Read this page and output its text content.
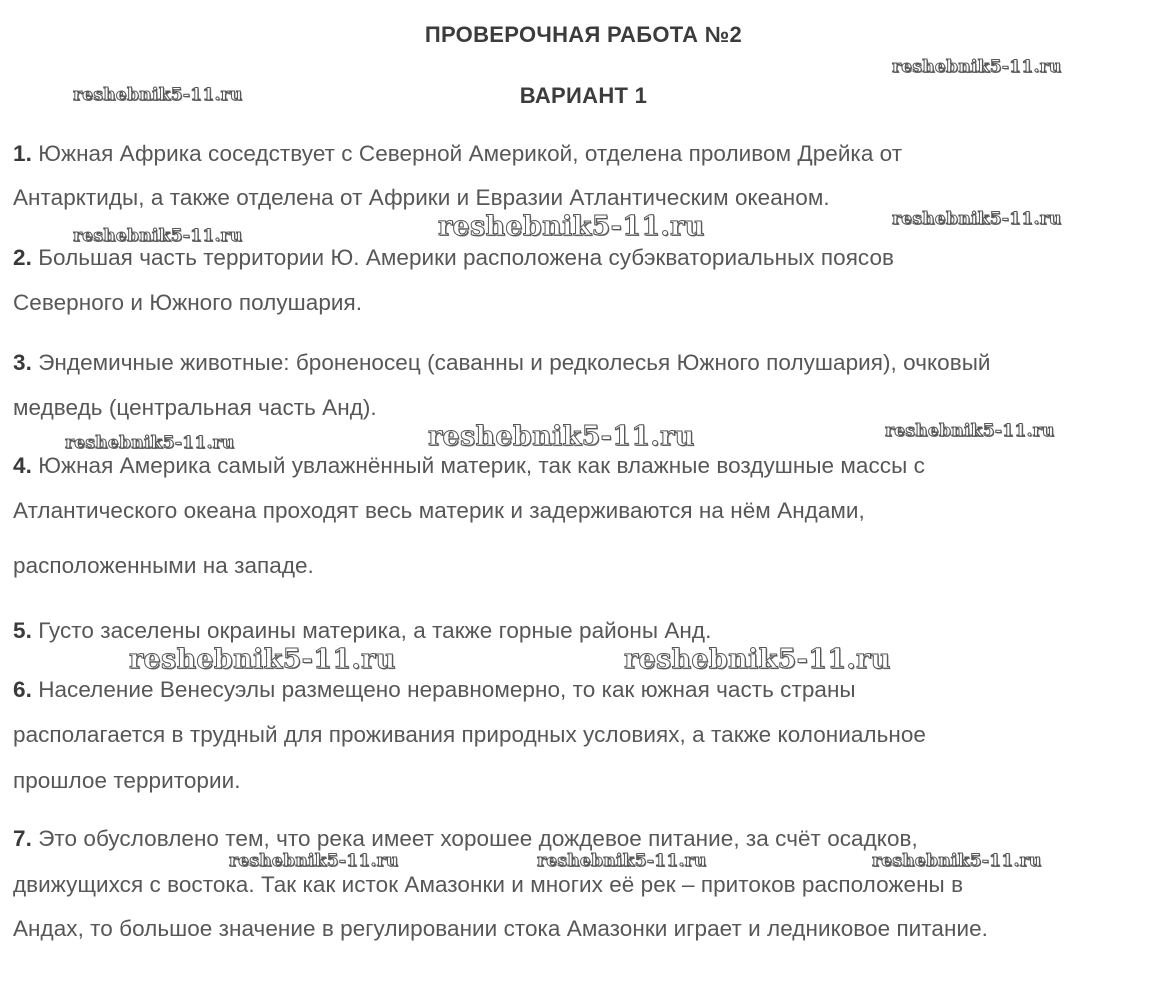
ПРОВЕРОЧНАЯ РАБОТА №2
ВАРИАНТ 1
1. Южная Африка соседствует с Северной Америкой, отделена проливом Дрейка от
Антарктиды, а также отделена от Африки и Евразии Атлантическим океаном.
2. Большая часть территории Ю. Америки расположена субэкваториальных поясов
Северного и Южного полушария.
3. Эндемичные животные: броненосец (саванны и редколесья Южного полушария), очковый
медведь (центральная часть Анд).
4. Южная Америка самый увлажнённый материк, так как влажные воздушные массы с
Атлантического океана проходят весь материк и задерживаются на нём Андами,
расположенными на западе.
5. Густо заселены окраины материка, а также горные районы Анд.
6. Население Венесуэлы размещено неравномерно, то как южная часть страны
располагается в трудный для проживания природных условиях, а также колониальное
прошлое территории.
7. Это обусловлено тем, что река имеет хорошее дождевое питание, за счёт осадков,
движущихся с востока. Так как исток Амазонки и многих её рек – притоков расположены в
Андах, то большое значение в регулировании стока Амазонки играет и ледниковое питание.
reshebnik5-11.ru
reshebnik5-11.ru
reshebnik5-11.ru
reshebnik5-11.ru
reshebnik5-11.ru
reshebnik5-11.ru
reshebnik5-11.ru
reshebnik5-11.ru
reshebnik5-11.ru	reshebnik5-11.ru
reshebnik5-11.ru	reshebnik5-11.ru	reshebnik5-11.ru
